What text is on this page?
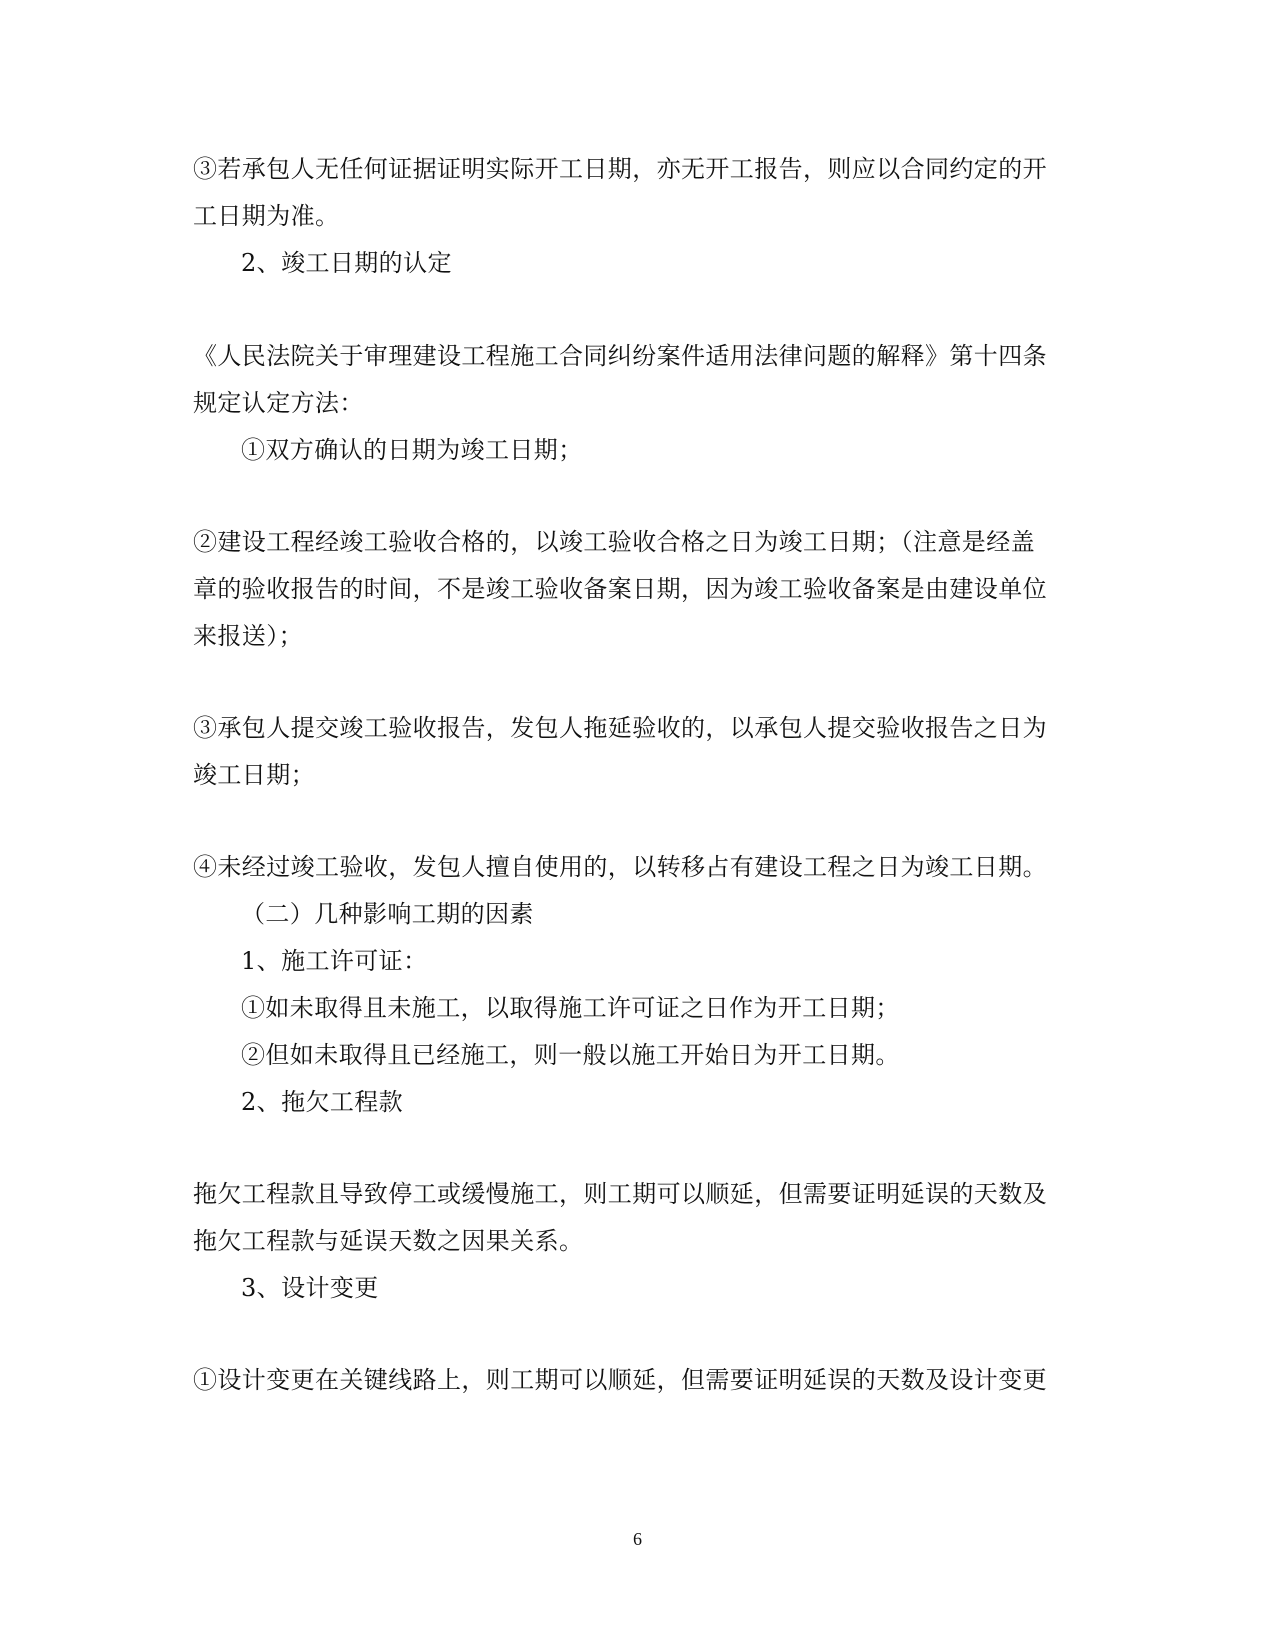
③若承包人无任何证据证明实际开工日期，亦无开工报告，则应以合同约定的开
工日期为准。
2、竣工日期的认定
《人民法院关于审理建设工程施工合同纠纷案件适用法律问题的解释》第十四条
规定认定方法：
①双方确认的日期为竣工日期；
②建设工程经竣工验收合格的，以竣工验收合格之日为竣工日期；（注意是经盖
章的验收报告的时间，不是竣工验收备案日期，因为竣工验收备案是由建设单位
来报送）；
③承包人提交竣工验收报告，发包人拖延验收的，以承包人提交验收报告之日为
竣工日期；
④未经过竣工验收，发包人擅自使用的，以转移占有建设工程之日为竣工日期。
（二）几种影响工期的因素
1、施工许可证：
①如未取得且未施工，以取得施工许可证之日作为开工日期；
②但如未取得且已经施工，则一般以施工开始日为开工日期。
2、拖欠工程款
拖欠工程款且导致停工或缓慢施工，则工期可以顺延，但需要证明延误的天数及
拖欠工程款与延误天数之因果关系。
3、设计变更
①设计变更在关键线路上，则工期可以顺延，但需要证明延误的天数及设计变更
6
